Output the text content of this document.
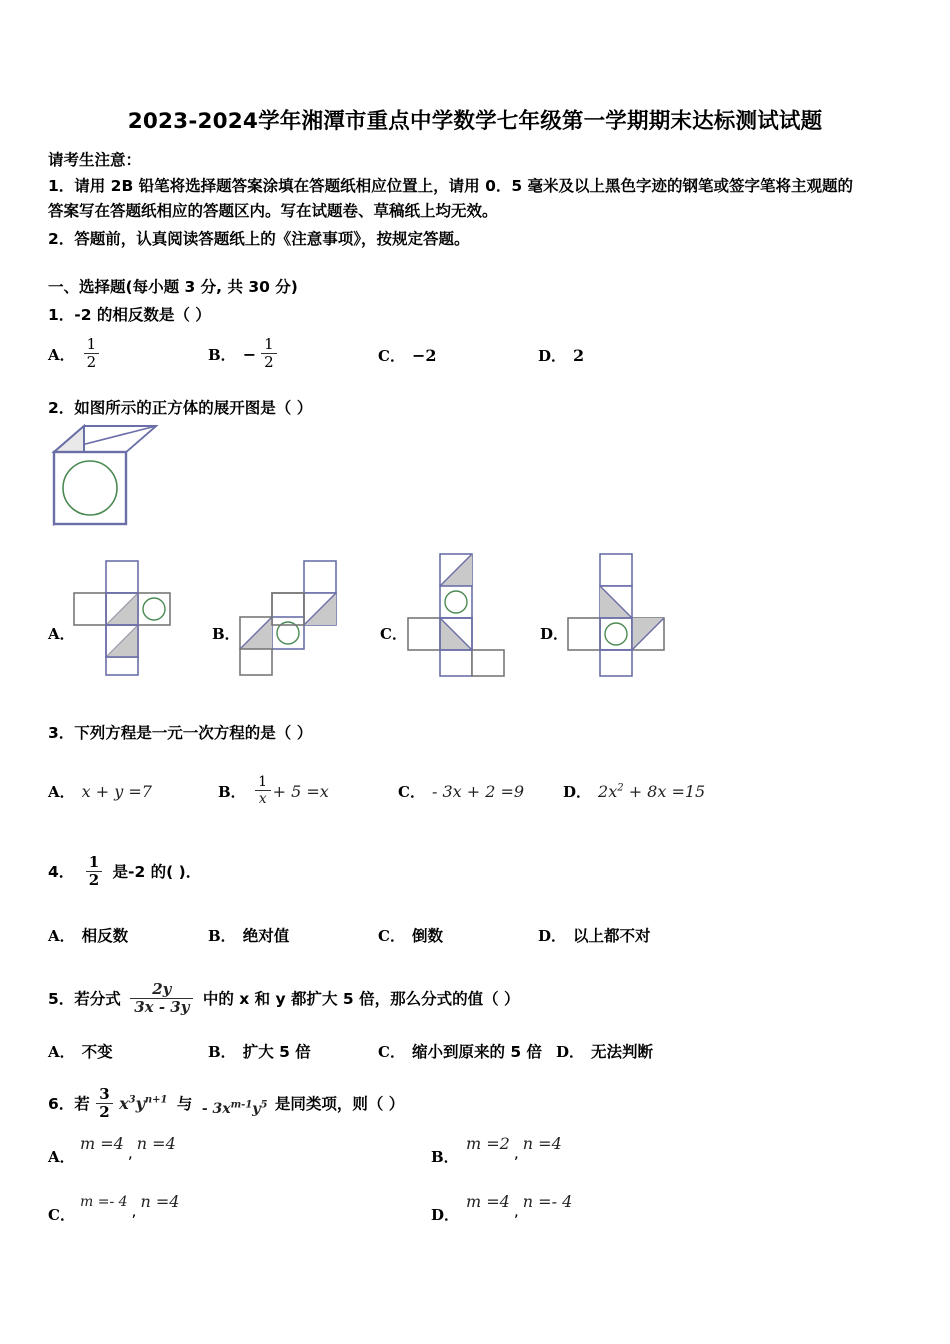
2023-2024学年湘潭市重点中学数学七年级第一学期期末达标测试试题
请考生注意：
1．请用 2B 铅笔将选择题答案涂填在答题纸相应位置上，请用 0．5 毫米及以上黑色字迹的钢笔或签字笔将主观题的
答案写在答题纸相应的答题区内。写在试题卷、草稿纸上均无效。
2．答题前，认真阅读答题纸上的《注意事项》，按规定答题。
一、选择题(每小题 3 分, 共 30 分)
1．-2 的相反数是（ ）
A． $\frac{1}{2}$	B． − $\frac{1}{2}$	C． −2	D． 2
2．如图所示的正方体的展开图是（ ）
A．	B．	C．	D．
3．下列方程是一元一次方程的是（ ）
A． x + y =7	B． $\frac{1}{x} + 5 =x$	C． - 3x + 2 =9	D． $2x^2 + 8x =15$
4． $\frac{1}{2}$ 是-2 的( )．
A． 相反数	B． 绝对值	C． 倒数	D． 以上都不对
5．若分式 $\frac{2y}{3x - 3y}$ 中的 x 和 y 都扩大 5 倍，那么分式的值（ ）
A． 不变	B． 扩大 5 倍	C． 缩小到原来的 5 倍 D． 无法判断
6．若 $\frac{3}{2} x^3y^{n+1}$ 与 - $3x^{m-1}y^5$ 是同类项，则（ ）
A．
m =4 , n =4
B．
m =2 , n =4
C．
m =- 4 , n =4
D．
m =4 , n =- 4
